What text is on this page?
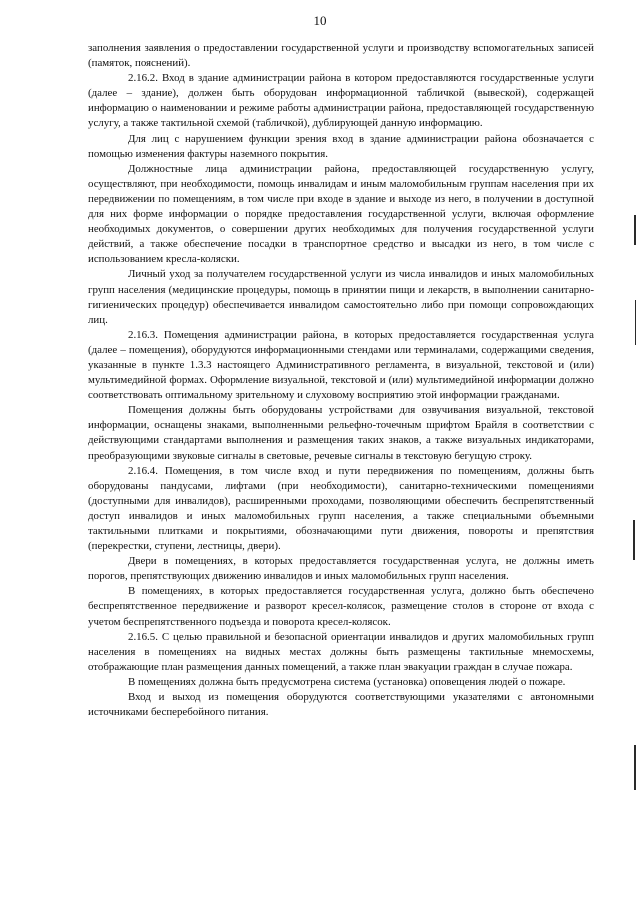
10

заполнения заявления о предоставлении государственной услуги и производству вспомогательных записей (памяток, пояснений).

2.16.2. Вход в здание администрации района в котором предоставляются государственные услуги (далее – здание), должен быть оборудован информационной табличкой (вывеской), содержащей информацию о наименовании и режиме работы администрации района, предоставляющей государственную услугу, а также тактильной схемой (табличкой), дублирующей данную информацию.

Для лиц с нарушением функции зрения вход в здание администрации района обозначается с помощью изменения фактуры наземного покрытия.

Должностные лица администрации района, предоставляющей государственную услугу, осуществляют, при необходимости, помощь инвалидам и иным маломобильным группам населения при их передвижении по помещениям, в том числе при входе в здание и выходе из него, в получении в доступной для них форме информации о порядке предоставления государственной услуги, включая оформление необходимых документов, о совершении других необходимых для получения государственной услуги действий, а также обеспечение посадки в транспортное средство и высадки из него, в том числе с использованием кресла-коляски.

Личный уход за получателем государственной услуги из числа инвалидов и иных маломобильных групп населения (медицинские процедуры, помощь в принятии пищи и лекарств, в выполнении санитарно-гигиенических процедур) обеспечивается инвалидом самостоятельно либо при помощи сопровождающих лиц.

2.16.3. Помещения администрации района, в которых предоставляется государственная услуга (далее – помещения), оборудуются информационными стендами или терминалами, содержащими сведения, указанные в пункте 1.3.3 настоящего Административного регламента, в визуальной, текстовой и (или) мультимедийной формах. Оформление визуальной, текстовой и (или) мультимедийной информации должно соответствовать оптимальному зрительному и слуховому восприятию этой информации гражданами.

Помещения должны быть оборудованы устройствами для озвучивания визуальной, текстовой информации, оснащены знаками, выполненными рельефно-точечным шрифтом Брайля в соответствии с действующими стандартами выполнения и размещения таких знаков, а также визуальных индикаторами, преобразующими звуковые сигналы в световые, речевые сигналы в текстовую бегущую строку.

2.16.4. Помещения, в том числе вход и пути передвижения по помещениям, должны быть оборудованы пандусами, лифтами (при необходимости), санитарно-техническими помещениями (доступными для инвалидов), расширенными проходами, позволяющими обеспечить беспрепятственный доступ инвалидов и иных маломобильных групп населения, а также специальными объемными тактильными плитками и покрытиями, обозначающими пути движения, повороты и препятствия (перекрестки, ступени, лестницы, двери).

Двери в помещениях, в которых предоставляется государственная услуга, не должны иметь порогов, препятствующих движению инвалидов и иных маломобильных групп населения.

В помещениях, в которых предоставляется государственная услуга, должно быть обеспечено беспрепятственное передвижение и разворот кресел-колясок, размещение столов в стороне от входа с учетом беспрепятственного подъезда и поворота кресел-колясок.

2.16.5. С целью правильной и безопасной ориентации инвалидов и других маломобильных групп населения в помещениях на видных местах должны быть размещены тактильные мнемосхемы, отображающие план размещения данных помещений, а также план эвакуации граждан в случае пожара.

В помещениях должна быть предусмотрена система (установка) оповещения людей о пожаре.

Вход и выход из помещения оборудуются соответствующими указателями с автономными источниками бесперебойного питания.
